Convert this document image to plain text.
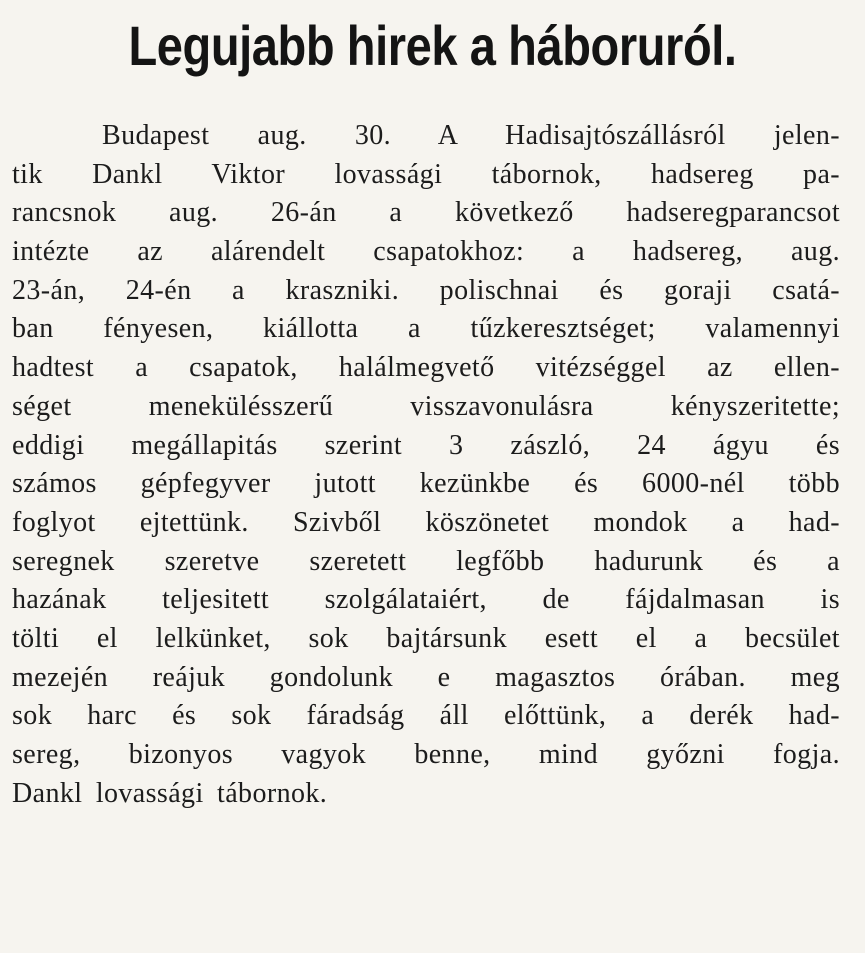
Legujabb hirek a háboruról.
Budapest aug. 30. A Hadisajtószállásról jelen-
tik Dankl Viktor lovassági tábornok, hadsereg pa-
rancsnok aug. 26-án a következő hadseregparancsot
intézte az alárendelt csapatokhoz: a hadsereg, aug.
23-án, 24-én a kraszniki. polischnai és goraji csatá-
ban fényesen, kiállotta a tűzkeresztséget; valamennyi
hadtest a csapatok, halálmegvető vitézséggel az ellen-
séget menekülésszerű visszavonulásra kényszeritette;
eddigi megállapitás szerint 3 zászló, 24 ágyu és
számos gépfegyver jutott kezünkbe és 6000-nél több
foglyot ejtettünk. Szivből köszönetet mondok a had-
seregnek szeretve szeretett legfőbb hadurunk és a
hazának teljesitett szolgálataiért, de fájdalmasan is
tölti el lelkünket, sok bajtársunk esett el a becsület
mezején reájuk gondolunk e magasztos órában. meg
sok harc és sok fáradság áll előttünk, a derék had-
sereg, bizonyos vagyok benne, mind győzni fogja.
Dankl lovassági tábornok.
